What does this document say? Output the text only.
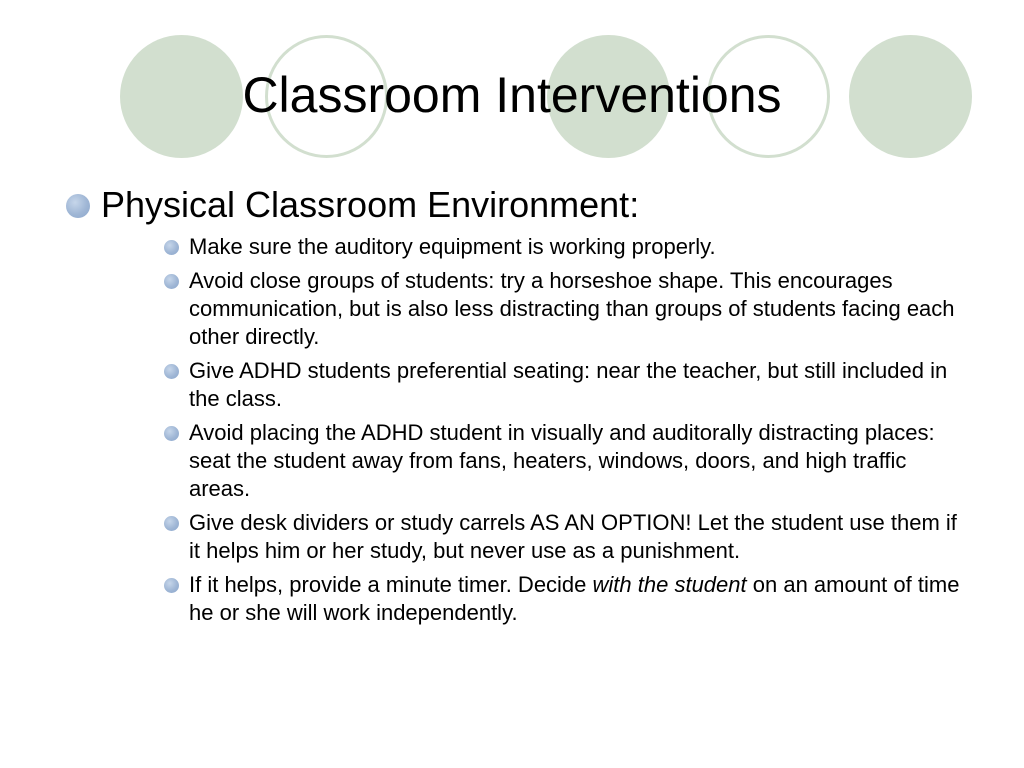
Classroom Interventions
Physical Classroom Environment:
Make sure the auditory equipment is working properly.
Avoid close groups of students: try a horseshoe shape. This encourages communication, but is also less distracting than groups of students facing each other directly.
Give ADHD students preferential seating: near the teacher, but still included in the class.
Avoid placing the ADHD student in visually and auditorally distracting places: seat the student away from fans, heaters, windows, doors, and high traffic areas.
Give desk dividers or study carrels AS AN OPTION! Let the student use them if it helps him or her study, but never use as a punishment.
If it helps, provide a minute timer. Decide with the student on an amount of time he or she will work independently.
